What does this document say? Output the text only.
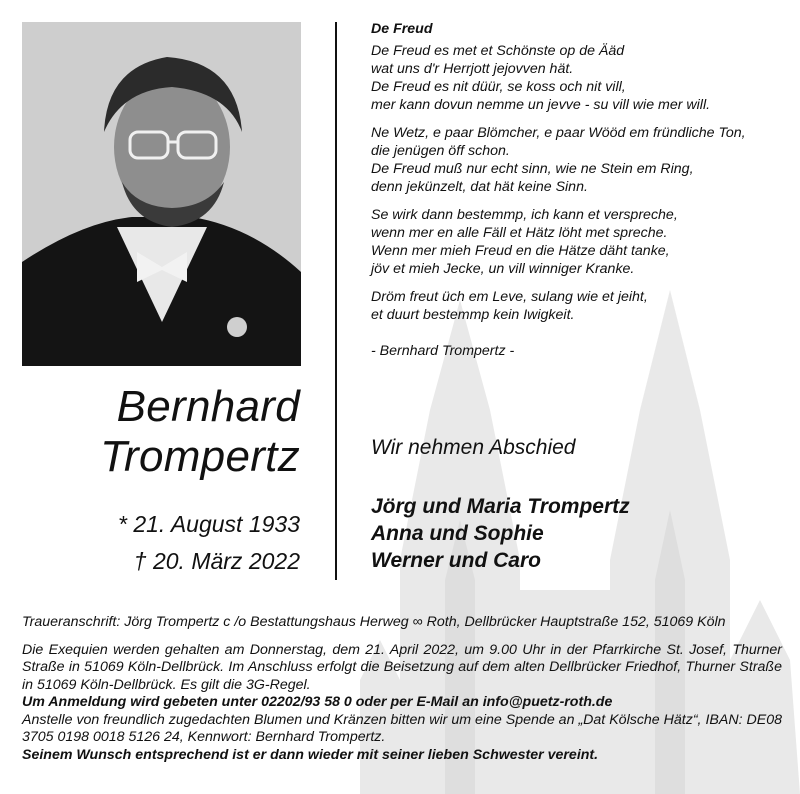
Bernhard
Trompertz
* 21. August 1933
† 20. März 2022
De Freud
De Freud es met et Schönste op de Ääd
wat uns d'r Herrjott jejovven hät.
De Freud es nit düür, se koss och nit vill,
mer kann dovun nemme un jevve - su vill wie mer will.
Ne Wetz, e paar Blömcher, e paar Wööd em fründliche Ton,
die jenügen öff schon.
De Freud muß nur echt sinn, wie ne Stein em Ring,
denn jekünzelt, dat hät keine Sinn.
Se wirk dann bestemmp, ich kann et verspreche,
wenn mer en alle Fäll et Hätz löht met spreche.
Wenn mer mieh Freud en die Hätze däht tanke,
jöv et mieh Jecke, un vill winniger Kranke.
Dröm freut üch em Leve, sulang wie et jeiht,
et duurt bestemmp kein Iwigkeit.
- Bernhard Trompertz -
Wir nehmen Abschied
Jörg und Maria Trompertz
Anna und Sophie
Werner und Caro
Traueranschrift: Jörg Trompertz c /o Bestattungshaus Herweg ∞ Roth, Dellbrücker Hauptstraße 152, 51069 Köln
Die Exequien werden gehalten am Donnerstag, dem 21. April 2022, um 9.00 Uhr in der Pfarrkirche St. Josef, Thurner Straße in 51069 Köln-Dellbrück. Im Anschluss erfolgt die Beisetzung auf dem alten Dellbrücker Friedhof, Thurner Straße in 51069 Köln-Dellbrück. Es gilt die 3G-Regel.
Um Anmeldung wird gebeten unter 02202/93 58 0 oder per E-Mail an info@puetz-roth.de
Anstelle von freundlich zugedachten Blumen und Kränzen bitten wir um eine Spende an „Dat Kölsche Hätz“, IBAN: DE08 3705 0198 0018 5126 24, Kennwort: Bernhard Trompertz.
Seinem Wunsch entsprechend ist er dann wieder mit seiner lieben Schwester vereint.
